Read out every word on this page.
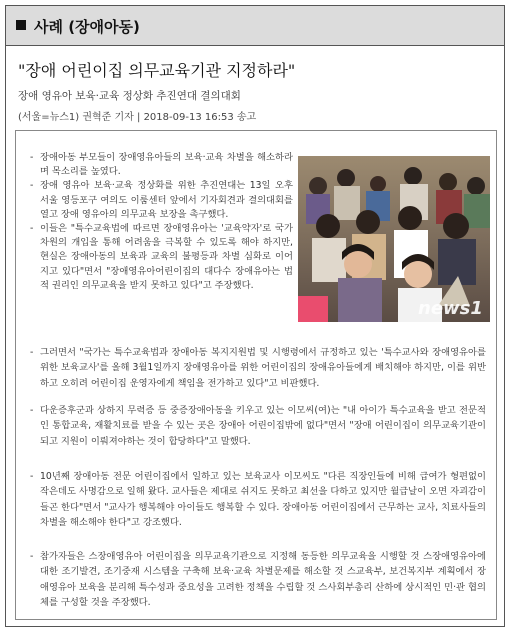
사례 (장애아동)
"장애 어린이집 의무교육기관 지정하라"
장애 영유아 보육·교육 정상화 추진연대 결의대회
(서울=뉴스1) 권혁준 기자 | 2018-09-13 16:53 송고
- 장애아동 부모들이 장애영유아들의 보육·교육 차별을 해소하라며 목소리를 높였다.
- 장애 영유아 보육·교육 정상화를 위한 추진연대는 13일 오후 서울 영등포구 여의도 이룸센터 앞에서 기자회견과 결의대회를 열고 장애 영유아의 의무교육 보장을 촉구했다.
- 이들은 "특수교육법에 따르면 장애영유아는 '교육약자'로 국가 차원의 개입을 통해 어려움을 극복할 수 있도록 해야 하지만, 현실은 장애아동의 보육과 교육의 불평등과 차별 심화로 이어지고 있다"면서 "장애영유아어린이집의 대다수 장애유아는 법적 권리인 의무교육을 받지 못하고 있다"고 주장했다.
news1
- 그러면서 "국가는 특수교육법과 장애아동 복지지원법 및 시행령에서 규정하고 있는 '특수교사와 장애영유아를 위한 보육교사'를 올해 3월1일까지 장애영유아를 위한 어린이집의 장애유아들에게 배치해야 하지만, 이를 위반하고 오히려 어린이집 운영자에게 책임을 전가하고 있다"고 비판했다.
- 다운증후군과 상하지 무력증 등 중증장애아동을 키우고 있는 이모씨(여)는 "내 아이가 특수교육을 받고 전문적인 통합교육, 재활치료를 받을 수 있는 곳은 장애아 어린이집밖에 없다"면서 "장애 어린이집이 의무교육기관이 되고 지원이 이뤄져야하는 것이 합당하다"고 말했다.
- 10년째 장애아동 전문 어린이집에서 일하고 있는 보육교사 이모씨도 "다른 직장인들에 비해 급여가 형편없이 작은데도 사명감으로 일해 왔다. 교사들은 제대로 쉬지도 못하고 최선을 다하고 있지만 월급날이 오면 자괴감이 들곤 한다"면서 "교사가 행복해야 아이들도 행복할 수 있다. 장애아동 어린이집에서 근무하는 교사, 치료사들의 차별을 해소해야 한다"고 강조했다.
- 참가자들은 스장애영유아 어린이집을 의무교육기관으로 지정해 동등한 의무교육을 시행할 것 스장애영유아에 대한 조기발견, 조기중재 시스템을 구축해 보육·교육 차별문제를 해소할 것 스교육부, 보건복지부 계획에서 장애영유아 보육을 분리해 특수성과 중요성을 고려한 정책을 수립할 것 스사회부총리 산하에 상시적인 민·관 협의체를 구성할 것을 주장했다.
